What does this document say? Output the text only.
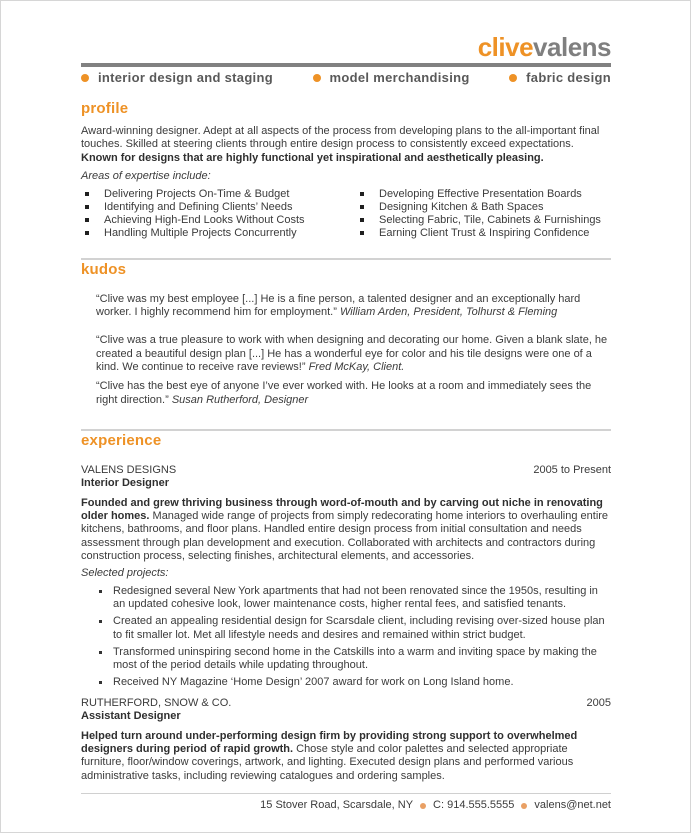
clivevalens
interior design and staging	model merchandising	fabric design
profile

Award-winning designer. Adept at all aspects of the process from developing plans to the all-important final touches. Skilled at steering clients through entire design process to consistently exceed expectations. Known for designs that are highly functional yet inspirational and aesthetically pleasing.

Areas of expertise include:

Delivering Projects On-Time & Budget
Identifying and Defining Clients’ Needs
Achieving High-End Looks Without Costs
Handling Multiple Projects Concurrently
Developing Effective Presentation Boards
Designing Kitchen & Bath Spaces
Selecting Fabric, Tile, Cabinets & Furnishings
Earning Client Trust & Inspiring Confidence
kudos

“Clive was my best employee [...] He is a fine person, a talented designer and an exceptionally hard worker. I highly recommend him for employment.” William Arden, President, Tolhurst & Fleming

“Clive was a true pleasure to work with when designing and decorating our home. Given a blank slate, he created a beautiful design plan [...] He has a wonderful eye for color and his tile designs were one of a kind. We continue to receive rave reviews!” Fred McKay, Client.

“Clive has the best eye of anyone I’ve ever worked with. He looks at a room and immediately sees the right direction.” Susan Rutherford, Designer

experience
VALENS DESIGNS	2005 to Present
Interior Designer

Founded and grew thriving business through word-of-mouth and by carving out niche in renovating older homes. Managed wide range of projects from simply redecorating home interiors to overhauling entire kitchens, bathrooms, and floor plans. Handled entire design process from initial consultation and needs assessment through plan development and execution. Collaborated with architects and contractors during construction process, selecting finishes, architectural elements, and accessories.

Selected projects:

Redesigned several New York apartments that had not been renovated since the 1950s, resulting in an updated cohesive look, lower maintenance costs, higher rental fees, and satisfied tenants.
Created an appealing residential design for Scarsdale client, including revising over-sized house plan to fit smaller lot. Met all lifestyle needs and desires and remained within strict budget.
Transformed uninspiring second home in the Catskills into a warm and inviting space by making the most of the period details while updating throughout.
Received NY Magazine ‘Home Design’ 2007 award for work on Long Island home.
RUTHERFORD, SNOW & CO.	2005
Assistant Designer

Helped turn around under-performing design firm by providing strong support to overwhelmed designers during period of rapid growth. Chose style and color palettes and selected appropriate furniture, floor/window coverings, artwork, and lighting. Executed design plans and performed various administrative tasks, including reviewing catalogues and ordering samples.

15 Stover Road, Scarsdale, NY C: 914.555.5555 valens@net.net
